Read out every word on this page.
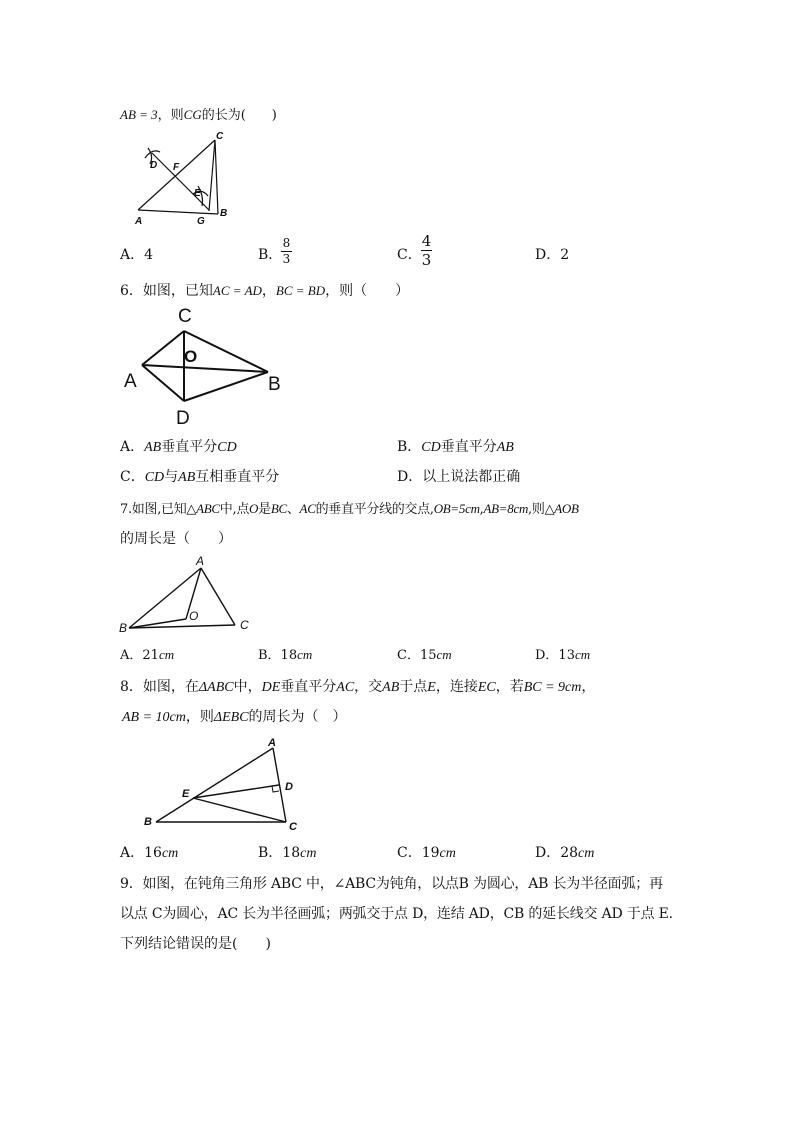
AB = 3，则CG的长为(　　)
C
D F
E
A	G
B
A．4	B．
8
3	C．
4
3	D．2
6．如图，已知AC = AD，BC = BD，则（　　）
C
O
A	B
D
A．AB垂直平分CD	B．CD垂直平分AB
C．CD与AB互相垂直平分	D．以上说法都正确
7.如图,已知△ABC中,点O是BC、AC的垂直平分线的交点,OB=5cm,AB=8cm,则△AOB
的周长是（　　）
A
O
B	C
A．21cm	B．18cm	C．15cm	D．13cm
8．如图，在ΔABC中，DE垂直平分AC，交AB于点E，连接EC，若BC = 9cm，
AB = 10cm，则ΔEBC的周长为（　）
A
D
E
B	C
A．16cm	B．18cm	C．19cm	D．28cm
9．如图，在钝角三角形 ABC 中，∠ABC为钝角，以点B 为圆心，AB 长为半径面弧；再
以点 C为圆心，AC 长为半径画弧；两弧交于点 D，连结 AD，CB 的延长线交 AD 于点 E.
下列结论错误的是(　　)
